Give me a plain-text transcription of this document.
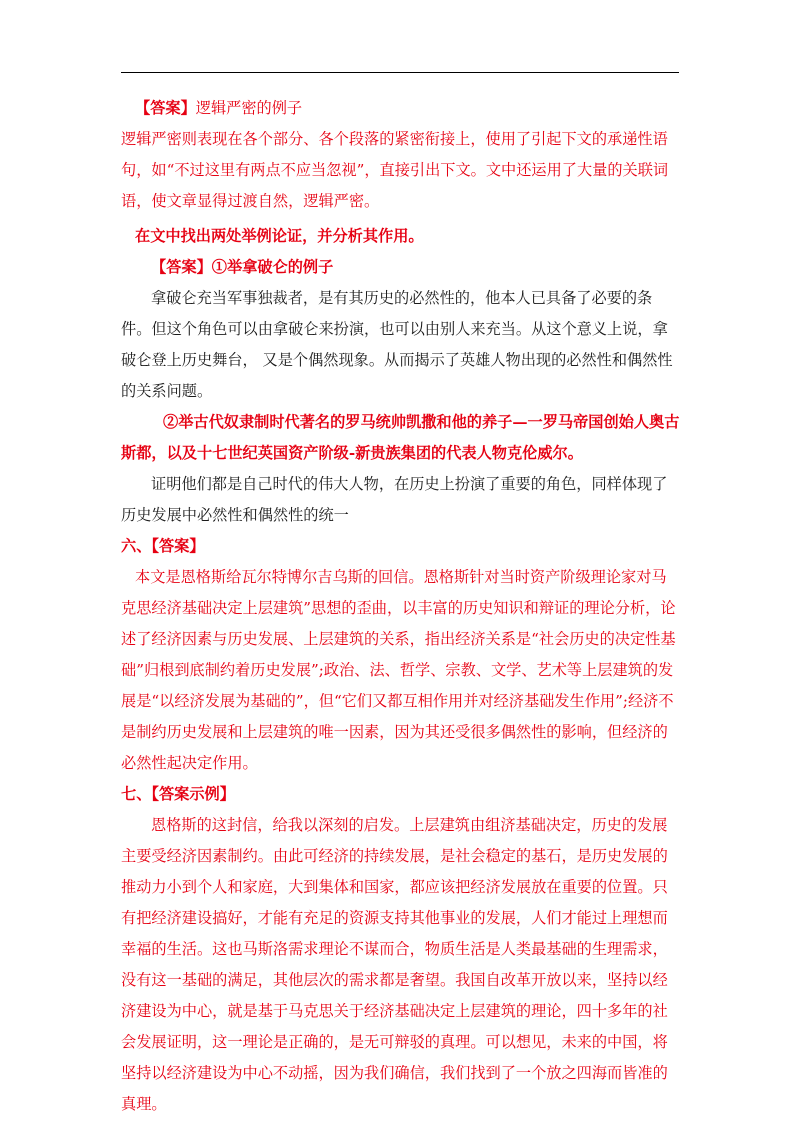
【答案】逻辑严密的例子

逻辑严密则表现在各个部分、各个段落的紧密衔接上，使用了引起下文的承递性语句，如“不过这里有两点不应当忽视”，直接引出下文。文中还运用了大量的关联词语，使文章显得过渡自然，逻辑严密。

在文中找出两处举例论证，并分析其作用。

【答案】①举拿破仑的例子

拿破仑充当军事独裁者，是有其历史的必然性的，他本人已具备了必要的条件。但这个角色可以由拿破仑来扮演，也可以由别人来充当。从这个意义上说，拿破仑登上历史舞台， 又是个偶然现象。从而揭示了英雄人物出现的必然性和偶然性的关系问题。

②举古代奴隶制时代著名的罗马统帅凯撒和他的养子—一罗马帝国创始人奥古斯都，以及十七世纪英国资产阶级-新贵族集团的代表人物克伦威尔。

证明他们都是自己时代的伟大人物，在历史上扮演了重要的角色，同样体现了历史发展中必然性和偶然性的统一

六、【答案】

本文是恩格斯给瓦尔特博尔吉乌斯的回信。恩格斯针对当时资产阶级理论家对马克思经济基础决定上层建筑”思想的歪曲，以丰富的历史知识和辩证的理论分析，论述了经济因素与历史发展、上层建筑的关系，指出经济关系是“社会历史的决定性基础”归根到底制约着历史发展”;政治、法、哲学、宗教、文学、艺术等上层建筑的发展是“以经济发展为基础的”，但“它们又都互相作用并对经济基础发生作用”;经济不是制约历史发展和上层建筑的唯一因素，因为其还受很多偶然性的影响，但经济的必然性起决定作用。

七、【答案示例】

恩格斯的这封信，给我以深刻的启发。上层建筑由组济基础决定，历史的发展主要受经济因素制约。由此可经济的持续发展，是社会稳定的基石，是历史发展的推动力小到个人和家庭，大到集体和国家，都应该把经济发展放在重要的位置。只有把经济建设搞好，才能有充足的资源支持其他事业的发展，人们才能过上理想而幸福的生活。这也马斯洛需求理论不谋而合，物质生活是人类最基础的生理需求，没有这一基础的满足，其他层次的需求都是奢望。我国自改革开放以来，坚持以经济建设为中心，就是基于马克思关于经济基础决定上层建筑的理论，四十多年的社会发展证明，这一理论是正确的，是无可辩驳的真理。可以想见，未来的中国，将坚持以经济建设为中心不动摇，因为我们确信，我们找到了一个放之四海而皆准的真理。
